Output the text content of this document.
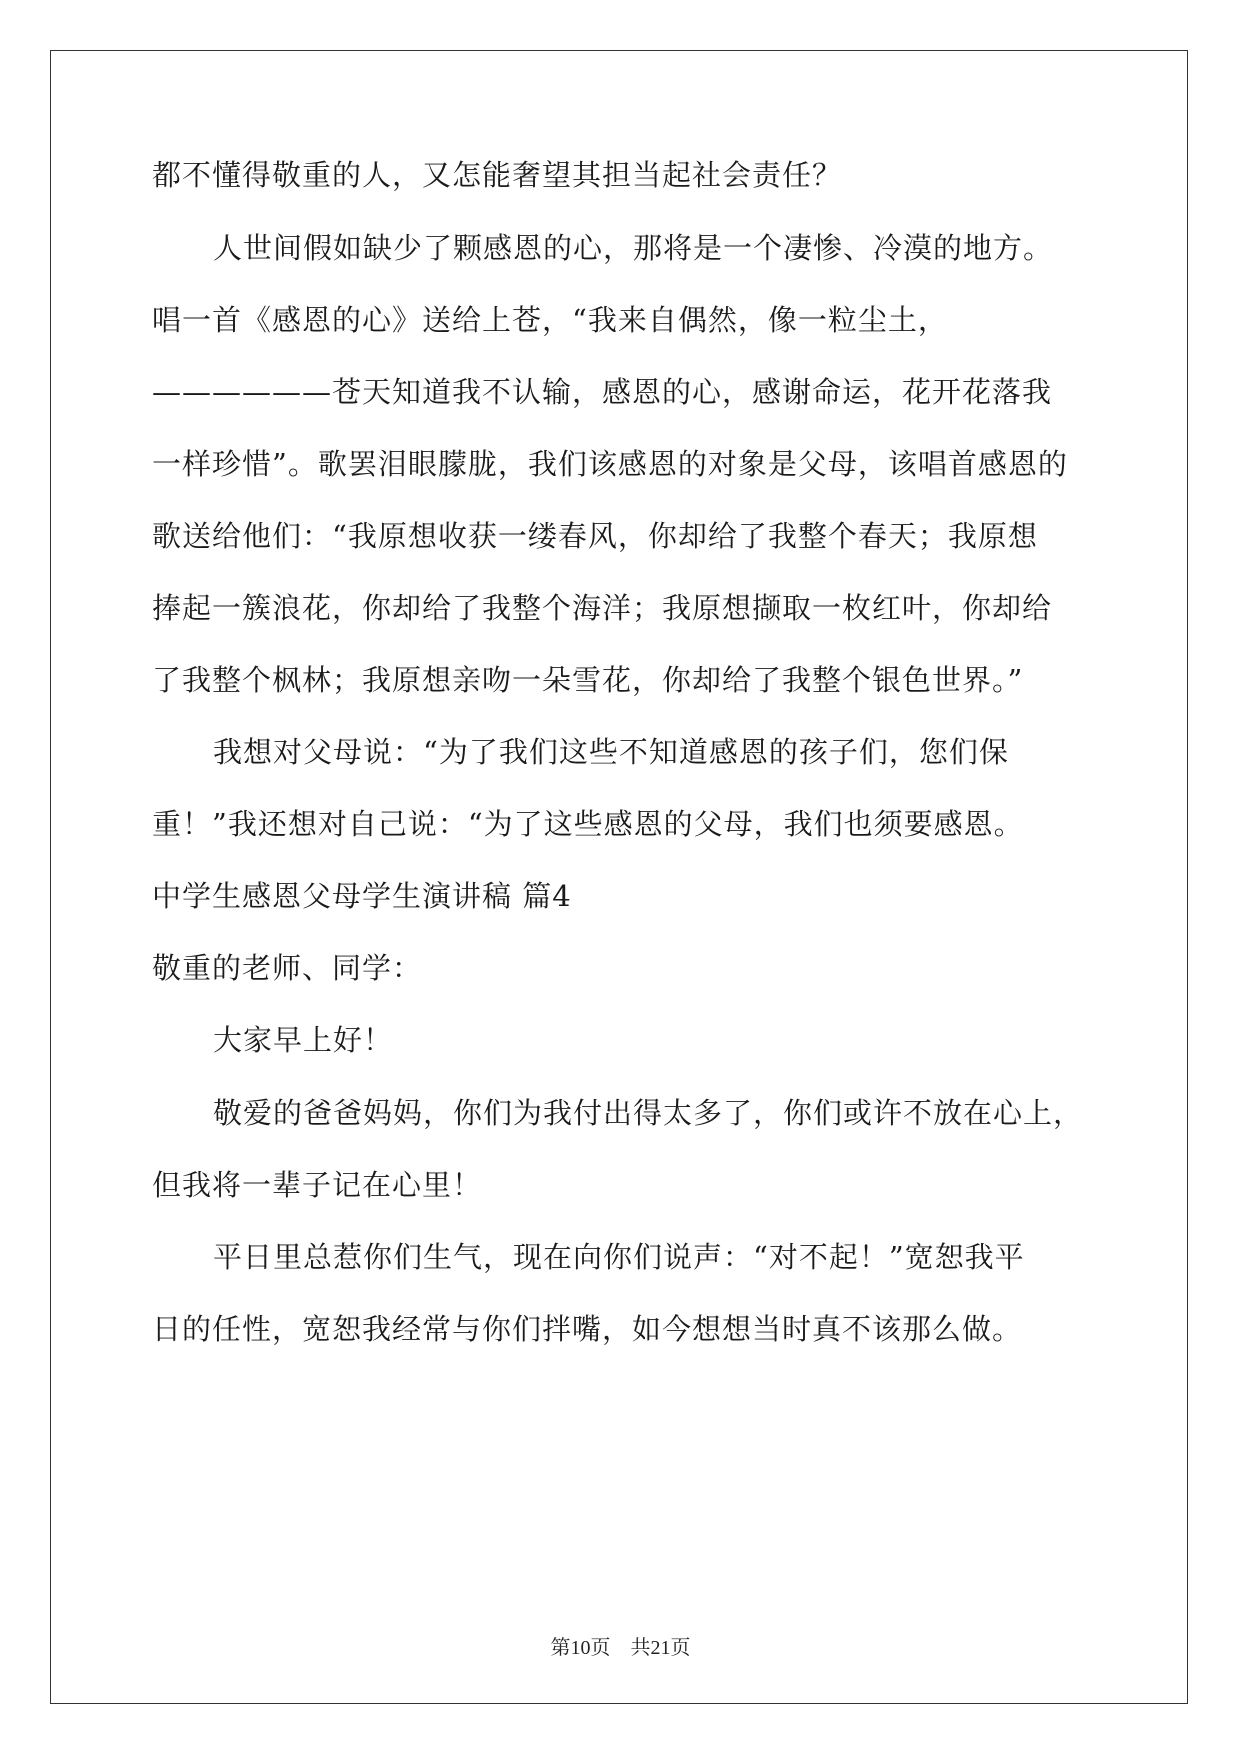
都不懂得敬重的人，又怎能奢望其担当起社会责任？
人世间假如缺少了颗感恩的心，那将是一个凄惨、冷漠的地方。
唱一首《感恩的心》送给上苍，“我来自偶然，像一粒尘土，
——————苍天知道我不认输，感恩的心，感谢命运，花开花落我
一样珍惜”。歌罢泪眼朦胧，我们该感恩的对象是父母，该唱首感恩的
歌送给他们：“我原想收获一缕春风，你却给了我整个春天；我原想
捧起一簇浪花，你却给了我整个海洋；我原想撷取一枚红叶，你却给
了我整个枫林；我原想亲吻一朵雪花，你却给了我整个银色世界。”
我想对父母说：“为了我们这些不知道感恩的孩子们，您们保
重！”我还想对自己说：“为了这些感恩的父母，我们也须要感恩。
中学生感恩父母学生演讲稿 篇4
敬重的老师、同学：
大家早上好！
敬爱的爸爸妈妈，你们为我付出得太多了，你们或许不放在心上，
但我将一辈子记在心里！
平日里总惹你们生气，现在向你们说声：“对不起！”宽恕我平
日的任性，宽恕我经常与你们拌嘴，如今想想当时真不该那么做。
第10页　共21页
